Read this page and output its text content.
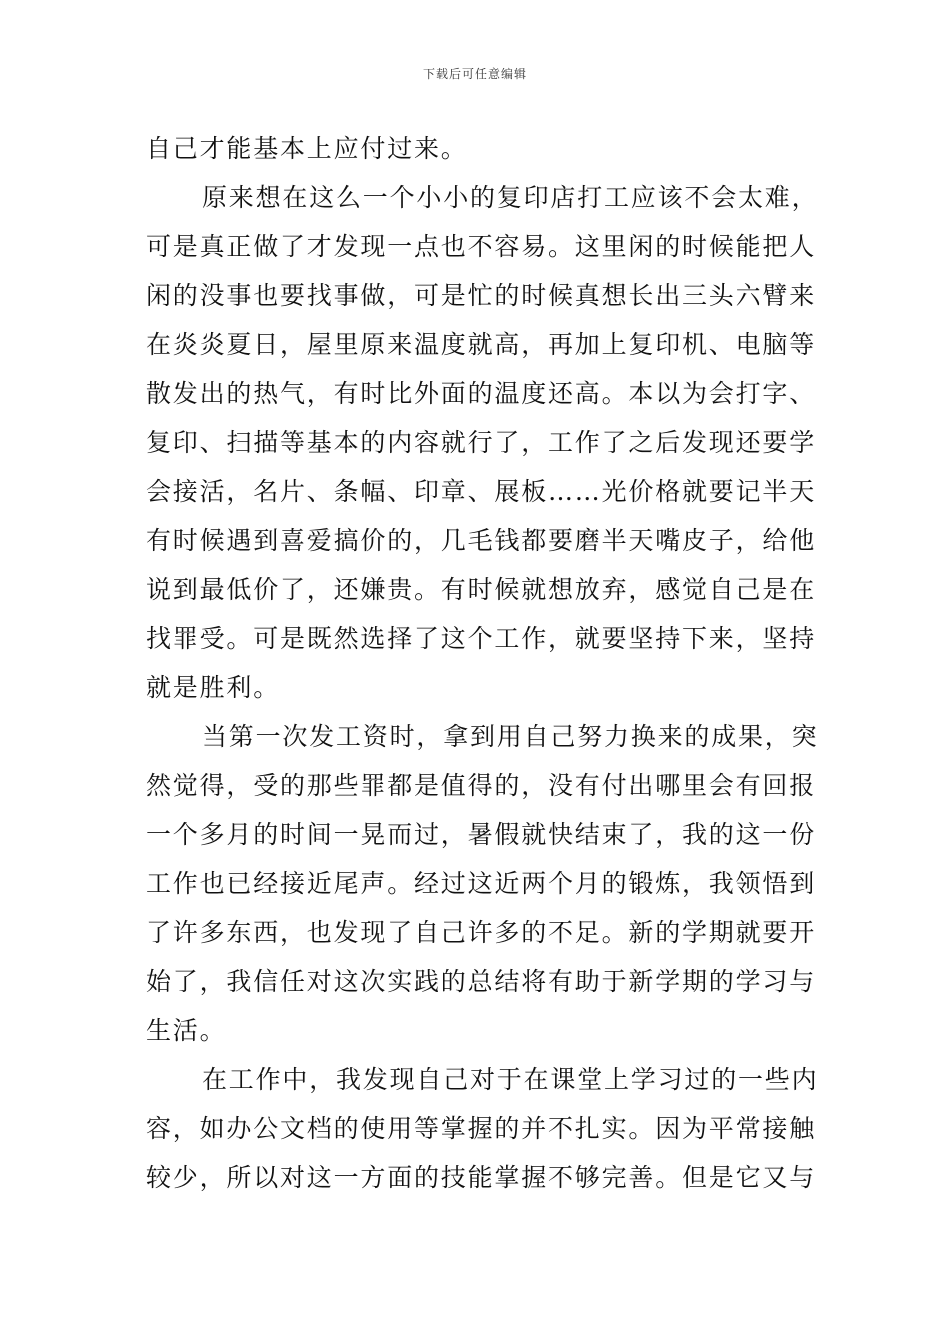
下载后可任意编辑
自己才能基本上应付过来。
原来想在这么一个小小的复印店打工应该不会太难，
可是真正做了才发现一点也不容易。这里闲的时候能把人
闲的没事也要找事做，可是忙的时候真想长出三头六臂来
在炎炎夏日，屋里原来温度就高，再加上复印机、电脑等
散发出的热气，有时比外面的温度还高。本以为会打字、
复印、扫描等基本的内容就行了，工作了之后发现还要学
会接活，名片、条幅、印章、展板……光价格就要记半天
有时候遇到喜爱搞价的，几毛钱都要磨半天嘴皮子，给他
说到最低价了，还嫌贵。有时候就想放弃，感觉自己是在
找罪受。可是既然选择了这个工作，就要坚持下来，坚持
就是胜利。
当第一次发工资时，拿到用自己努力换来的成果，突
然觉得，受的那些罪都是值得的，没有付出哪里会有回报
一个多月的时间一晃而过，暑假就快结束了，我的这一份
工作也已经接近尾声。经过这近两个月的锻炼，我领悟到
了许多东西，也发现了自己许多的不足。新的学期就要开
始了，我信任对这次实践的总结将有助于新学期的学习与
生活。
在工作中，我发现自己对于在课堂上学习过的一些内
容，如办公文档的使用等掌握的并不扎实。因为平常接触
较少，所以对这一方面的技能掌握不够完善。但是它又与
